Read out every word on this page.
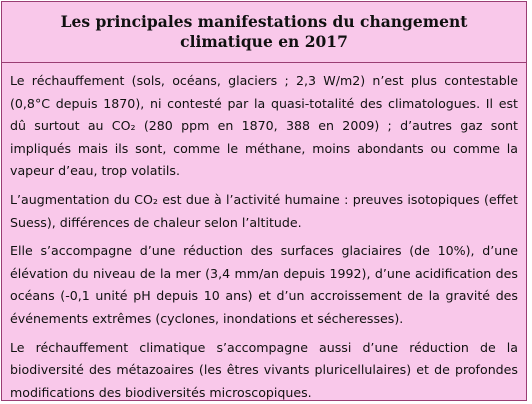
Les principales manifestations du changement climatique en 2017

Le réchauffement (sols, océans, glaciers ; 2,3 W/m2) n’est plus contestable (0,8°C depuis 1870), ni contesté par la quasi-totalité des climatologues. Il est dû surtout au CO₂ (280 ppm en 1870, 388 en 2009) ; d’autres gaz sont impliqués mais ils sont, comme le méthane, moins abondants ou comme la vapeur d’eau, trop volatils.

L’augmentation du CO₂ est due à l’activité humaine : preuves isotopiques (effet Suess), différences de chaleur selon l’altitude.

Elle s’accompagne d’une réduction des surfaces glaciaires (de 10%), d’une élévation du niveau de la mer (3,4 mm/an depuis 1992), d’une acidification des océans (-0,1 unité pH depuis 10 ans) et d’un accroissement de la gravité des événements extrêmes (cyclones, inondations et sécheresses).

Le réchauffement climatique s’accompagne aussi d’une réduction de la biodiversité des métazoaires (les êtres vivants pluricellulaires) et de profondes modifications des biodiversités microscopiques.
